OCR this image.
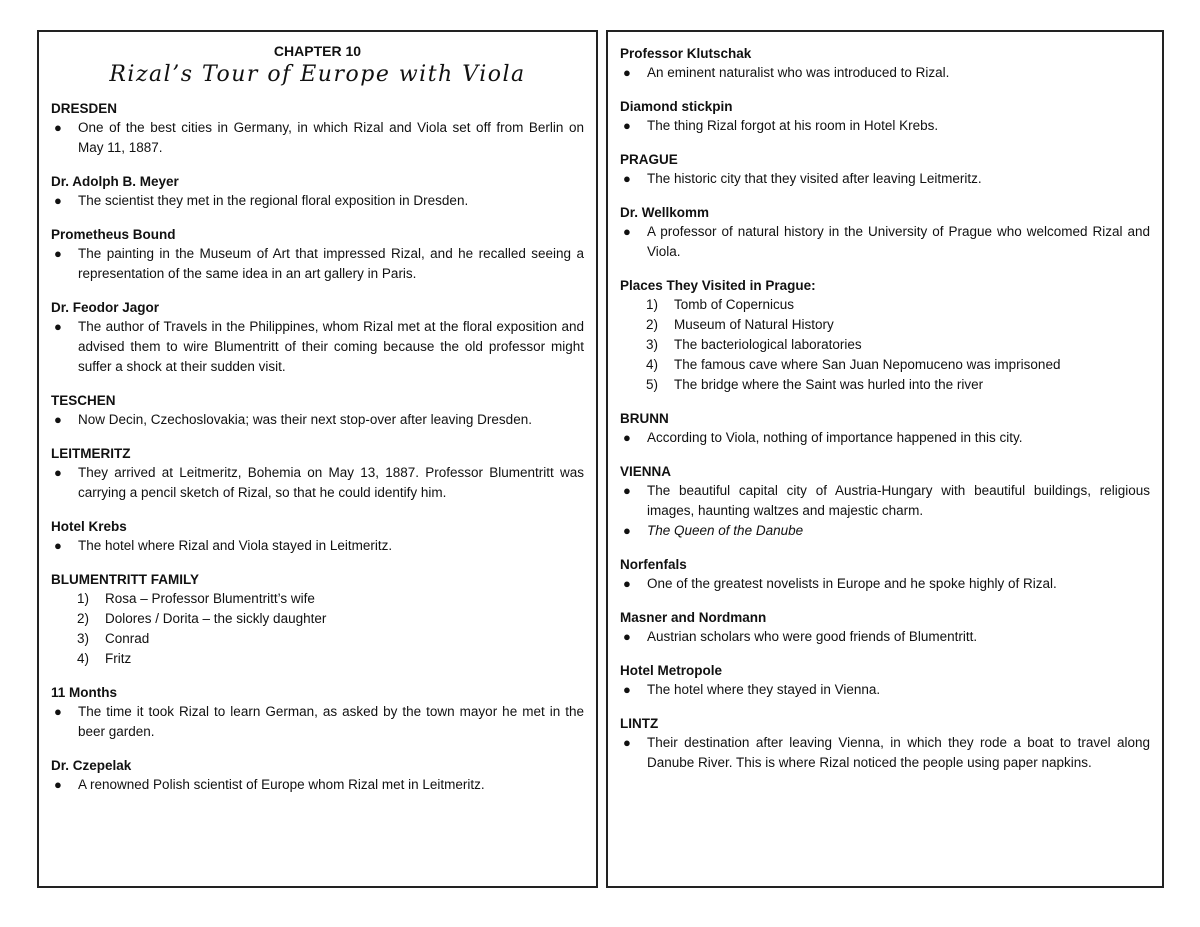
CHAPTER 10
Rizal’s Tour of Europe with Viola
DRESDEN
● One of the best cities in Germany, in which Rizal and Viola set off from Berlin on May 11, 1887.
Dr. Adolph B. Meyer
● The scientist they met in the regional floral exposition in Dresden.
Prometheus Bound
● The painting in the Museum of Art that impressed Rizal, and he recalled seeing a representation of the same idea in an art gallery in Paris.
Dr. Feodor Jagor
● The author of Travels in the Philippines, whom Rizal met at the floral exposition and advised them to wire Blumentritt of their coming because the old professor might suffer a shock at their sudden visit.
TESCHEN
● Now Decin, Czechoslovakia; was their next stop-over after leaving Dresden.
LEITMERITZ
● They arrived at Leitmeritz, Bohemia on May 13, 1887. Professor Blumentritt was carrying a pencil sketch of Rizal, so that he could identify him.
Hotel Krebs
● The hotel where Rizal and Viola stayed in Leitmeritz.
BLUMENTRITT FAMILY
1) Rosa – Professor Blumentritt’s wife
2) Dolores / Dorita – the sickly daughter
3) Conrad
4) Fritz
11 Months
● The time it took Rizal to learn German, as asked by the town mayor he met in the beer garden.
Dr. Czepelak
● A renowned Polish scientist of Europe whom Rizal met in Leitmeritz.
Professor Klutschak
● An eminent naturalist who was introduced to Rizal.
Diamond stickpin
● The thing Rizal forgot at his room in Hotel Krebs.
PRAGUE
● The historic city that they visited after leaving Leitmeritz.
Dr. Wellkomm
● A professor of natural history in the University of Prague who welcomed Rizal and Viola.
Places They Visited in Prague:
1) Tomb of Copernicus
2) Museum of Natural History
3) The bacteriological laboratories
4) The famous cave where San Juan Nepomuceno was imprisoned
5) The bridge where the Saint was hurled into the river
BRUNN
● According to Viola, nothing of importance happened in this city.
VIENNA
● The beautiful capital city of Austria-Hungary with beautiful buildings, religious images, haunting waltzes and majestic charm.
● The Queen of the Danube
Norfenfals
● One of the greatest novelists in Europe and he spoke highly of Rizal.
Masner and Nordmann
● Austrian scholars who were good friends of Blumentritt.
Hotel Metropole
● The hotel where they stayed in Vienna.
LINTZ
● Their destination after leaving Vienna, in which they rode a boat to travel along Danube River. This is where Rizal noticed the people using paper napkins.
